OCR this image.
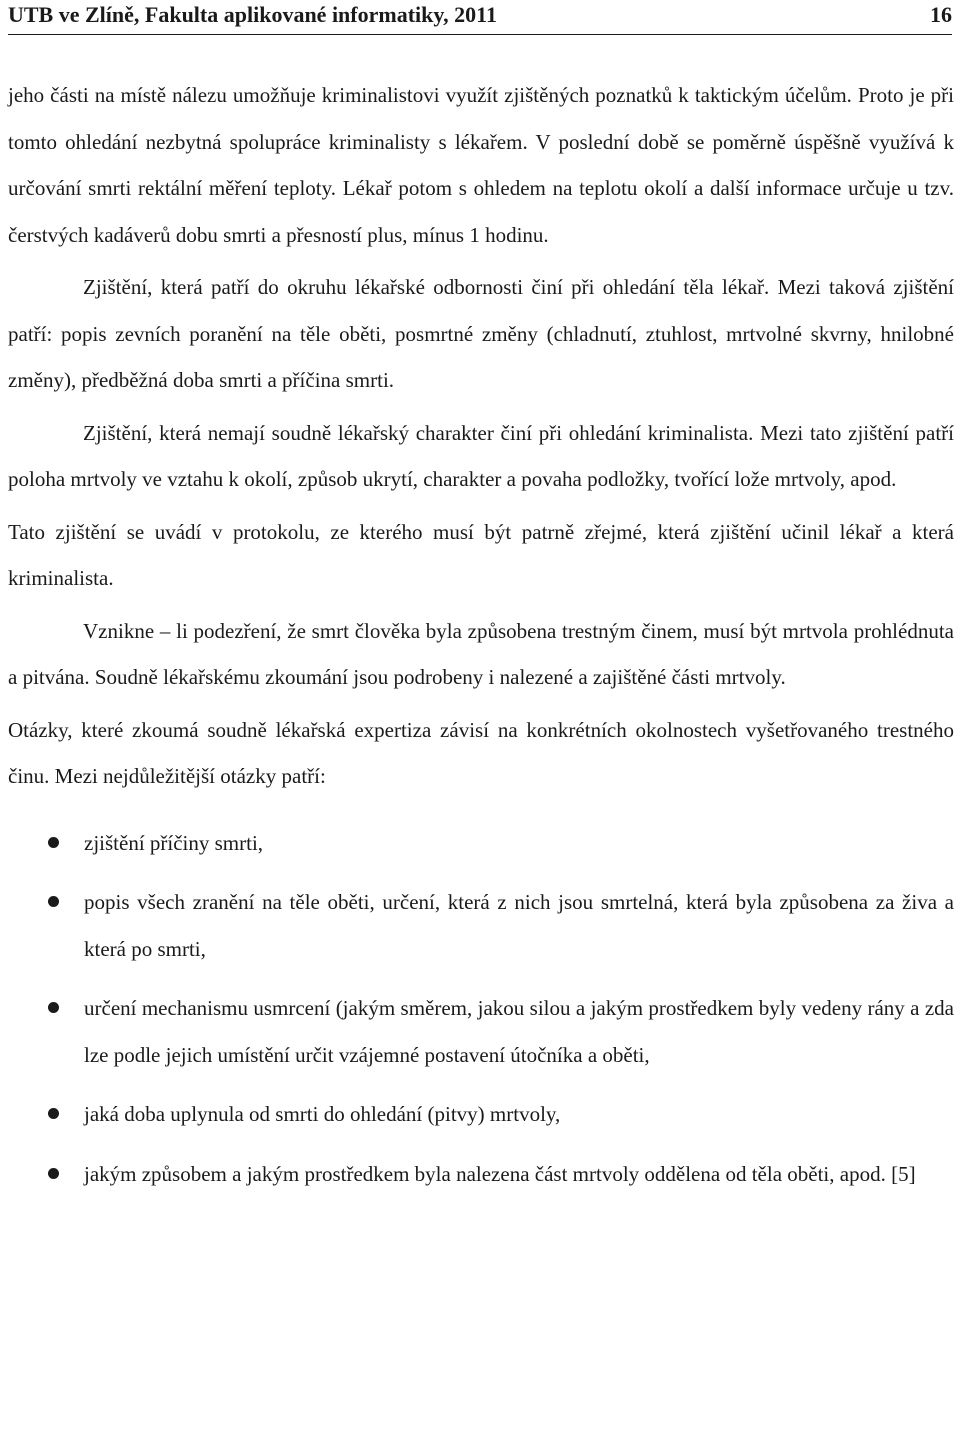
UTB ve Zlíně, Fakulta aplikované informatiky, 2011	16

jeho části na místě nálezu umožňuje kriminalistovi využít zjištěných poznatků k taktickým účelům. Proto je při tomto ohledání nezbytná spolupráce kriminalisty s lékařem. V poslední době se poměrně úspěšně využívá k určování smrti rektální měření teploty. Lékař potom s ohledem na teplotu okolí a další informace určuje u tzv. čerstvých kadáverů dobu smrti a přesností plus, mínus 1 hodinu.

Zjištění, která patří do okruhu lékařské odbornosti činí při ohledání těla lékař. Mezi taková zjištění patří: popis zevních poranění na těle oběti, posmrtné změny (chladnutí, ztuhlost, mrtvolné skvrny, hnilobné změny), předběžná doba smrti a příčina smrti.

Zjištění, která nemají soudně lékařský charakter činí při ohledání kriminalista. Mezi tato zjištění patří poloha mrtvoly ve vztahu k okolí, způsob ukrytí, charakter a povaha podložky, tvořící lože mrtvoly, apod.

Tato zjištění se uvádí v protokolu, ze kterého musí být patrně zřejmé, která zjištění učinil lékař a která kriminalista.

Vznikne – li podezření, že smrt člověka byla způsobena trestným činem, musí být mrtvola prohlédnuta a pitvána. Soudně lékařskému zkoumání jsou podrobeny i nalezené a zajištěné části mrtvoly.

Otázky, které zkoumá soudně lékařská expertiza závisí na konkrétních okolnostech vyšetřovaného trestného činu. Mezi nejdůležitější otázky patří:

zjištění příčiny smrti,
popis všech zranění na těle oběti, určení, která z nich jsou smrtelná, která byla způsobena za živa a která po smrti,
určení mechanismu usmrcení (jakým směrem, jakou silou a jakým prostředkem byly vedeny rány a zda lze podle jejich umístění určit vzájemné postavení útočníka a oběti,
jaká doba uplynula od smrti do ohledání (pitvy) mrtvoly,
jakým způsobem a jakým prostředkem byla nalezena část mrtvoly oddělena od těla oběti, apod. [5]
